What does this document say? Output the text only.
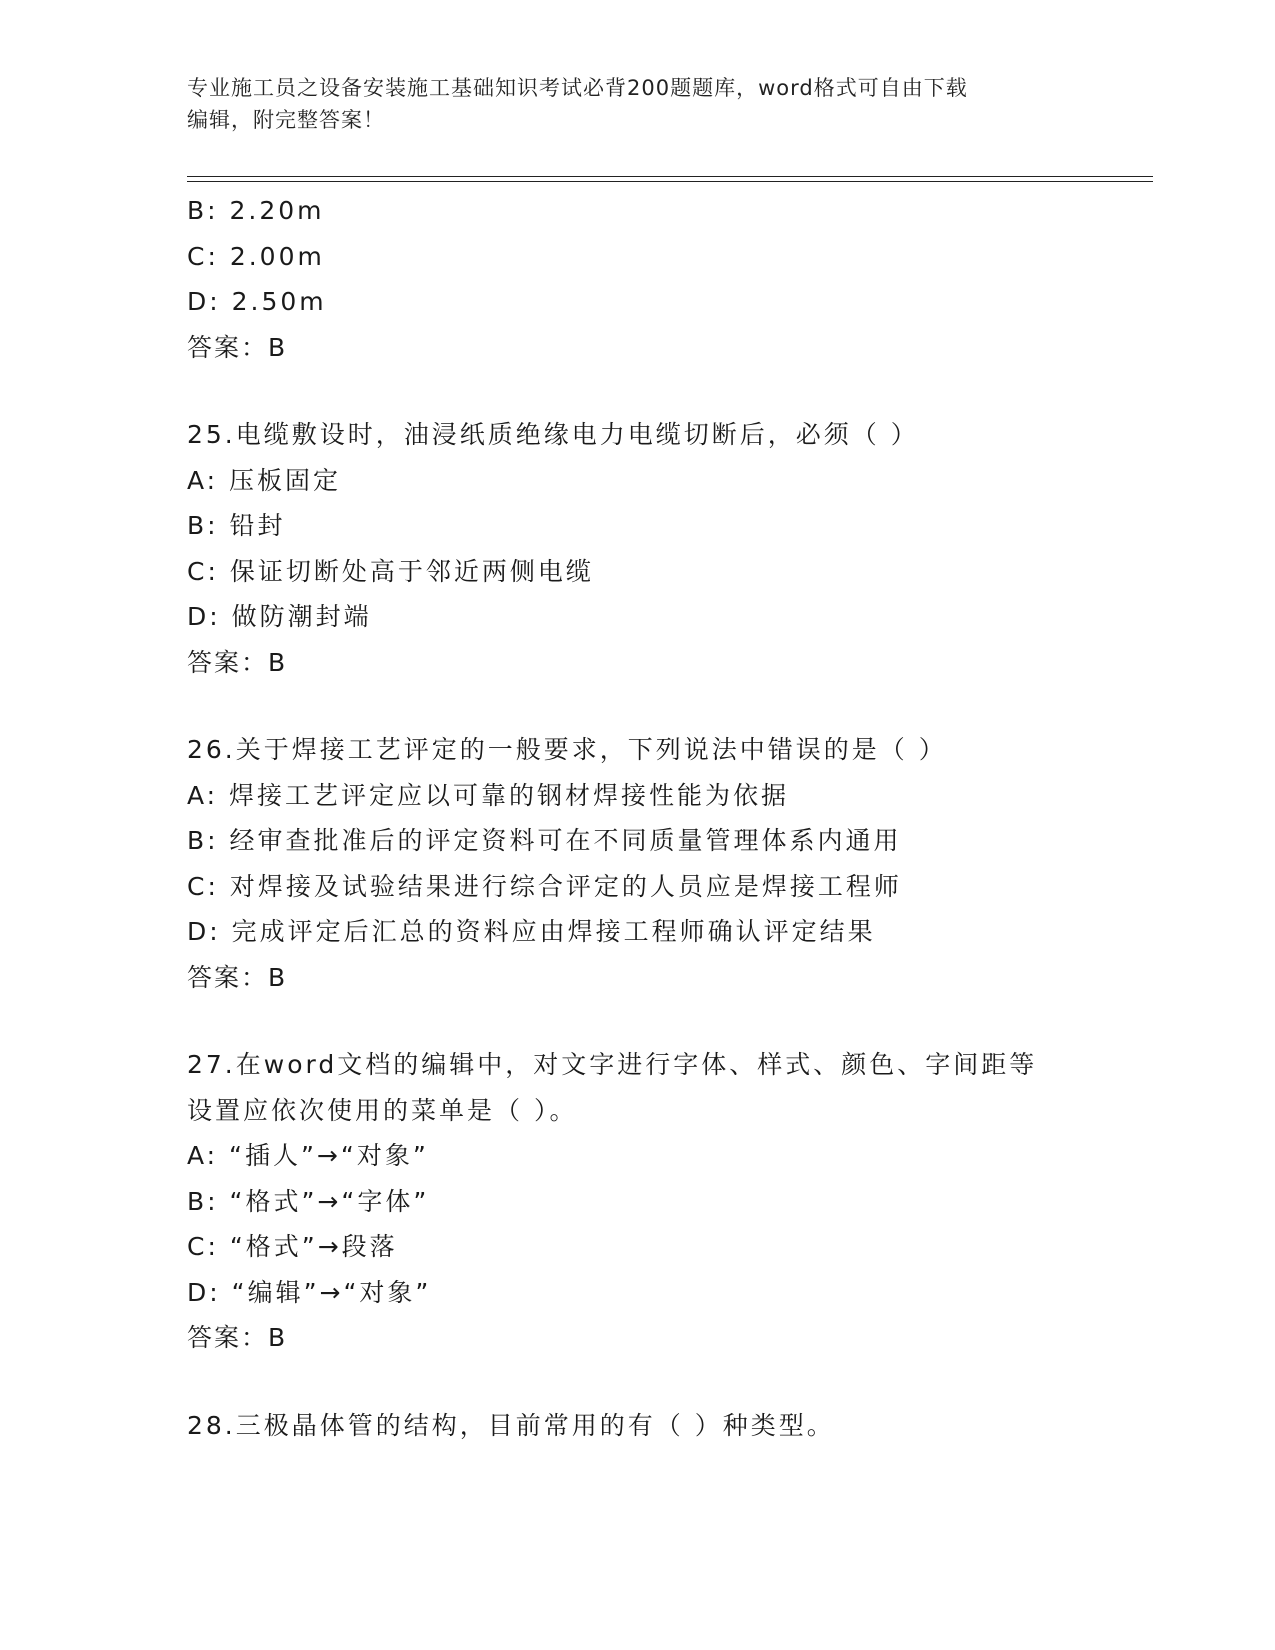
专业施工员之设备安装施工基础知识考试必背200题题库，word格式可自由下载
编辑，附完整答案！
B: 2.20m
C: 2.00m
D: 2.50m
答案：B
25.电缆敷设时，油浸纸质绝缘电力电缆切断后，必须（ ）
A: 压板固定
B: 铅封
C: 保证切断处高于邻近两侧电缆
D: 做防潮封端
答案：B
26.关于焊接工艺评定的一般要求，下列说法中错误的是（ ）
A: 焊接工艺评定应以可靠的钢材焊接性能为依据
B: 经审查批准后的评定资料可在不同质量管理体系内通用
C: 对焊接及试验结果进行综合评定的人员应是焊接工程师
D: 完成评定后汇总的资料应由焊接工程师确认评定结果
答案：B
27.在word文档的编辑中，对文字进行字体、样式、颜色、字间距等
设置应依次使用的菜单是（ ）。
A: “插人”→“对象”
B: “格式”→“字体”
C: “格式”→段落
D: “编辑”→“对象”
答案：B
28.三极晶体管的结构，目前常用的有（ ）种类型。
